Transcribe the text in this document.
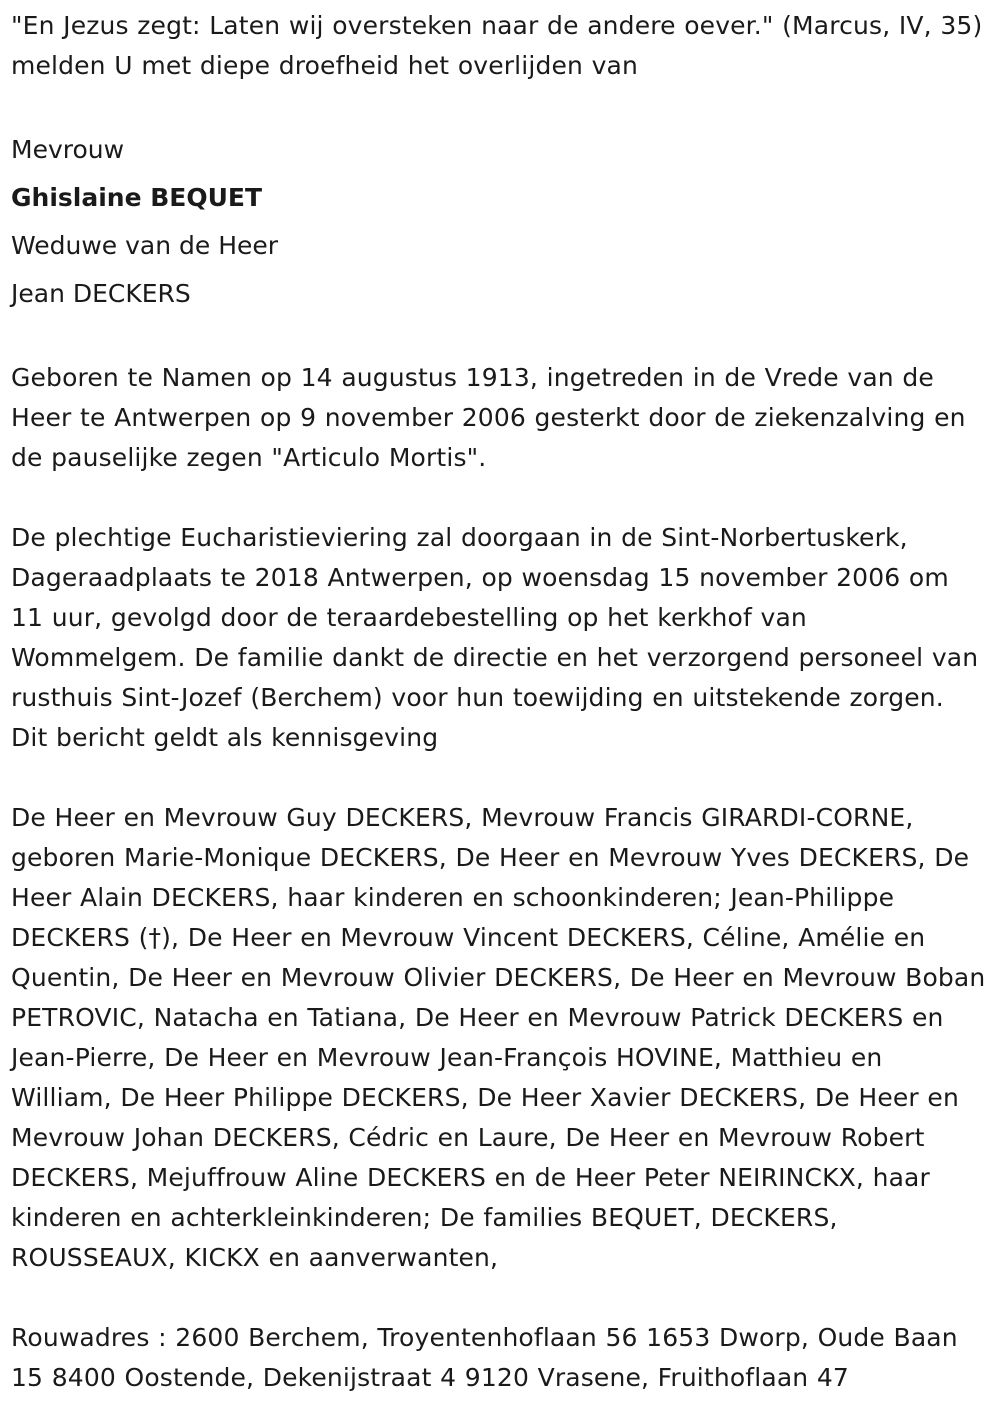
"En Jezus zegt: Laten wij oversteken naar de andere oever." (Marcus, IV, 35) melden U met diepe droefheid het overlijden van

Mevrouw

Ghislaine BEQUET

Weduwe van de Heer

Jean DECKERS

Geboren te Namen op 14 augustus 1913, ingetreden in de Vrede van de Heer te Antwerpen op 9 november 2006 gesterkt door de ziekenzalving en de pauselijke zegen "Articulo Mortis".

De plechtige Eucharistieviering zal doorgaan in de Sint-Norbertuskerk, Dageraadplaats te 2018 Antwerpen, op woensdag 15 november 2006 om 11 uur, gevolgd door de teraardebestelling op het kerkhof van Wommelgem. De familie dankt de directie en het verzorgend personeel van rusthuis Sint-Jozef (Berchem) voor hun toewijding en uitstekende zorgen. Dit bericht geldt als kennisgeving

De Heer en Mevrouw Guy DECKERS, Mevrouw Francis GIRARDI-CORNE, geboren Marie-Monique DECKERS, De Heer en Mevrouw Yves DECKERS, De Heer Alain DECKERS, haar kinderen en schoonkinderen; Jean-Philippe DECKERS (†), De Heer en Mevrouw Vincent DECKERS, Céline, Amélie en Quentin, De Heer en Mevrouw Olivier DECKERS, De Heer en Mevrouw Boban PETROVIC, Natacha en Tatiana, De Heer en Mevrouw Patrick DECKERS en Jean-Pierre, De Heer en Mevrouw Jean-François HOVINE, Matthieu en William, De Heer Philippe DECKERS, De Heer Xavier DECKERS, De Heer en Mevrouw Johan DECKERS, Cédric en Laure, De Heer en Mevrouw Robert DECKERS, Mejuffrouw Aline DECKERS en de Heer Peter NEIRINCKX, haar kinderen en achterkleinkinderen; De families BEQUET, DECKERS, ROUSSEAUX, KICKX en aanverwanten,

Rouwadres : 2600 Berchem, Troyentenhoflaan 56 1653 Dworp, Oude Baan 15 8400 Oostende, Dekenijstraat 4 9120 Vrasene, Fruithoflaan 47
